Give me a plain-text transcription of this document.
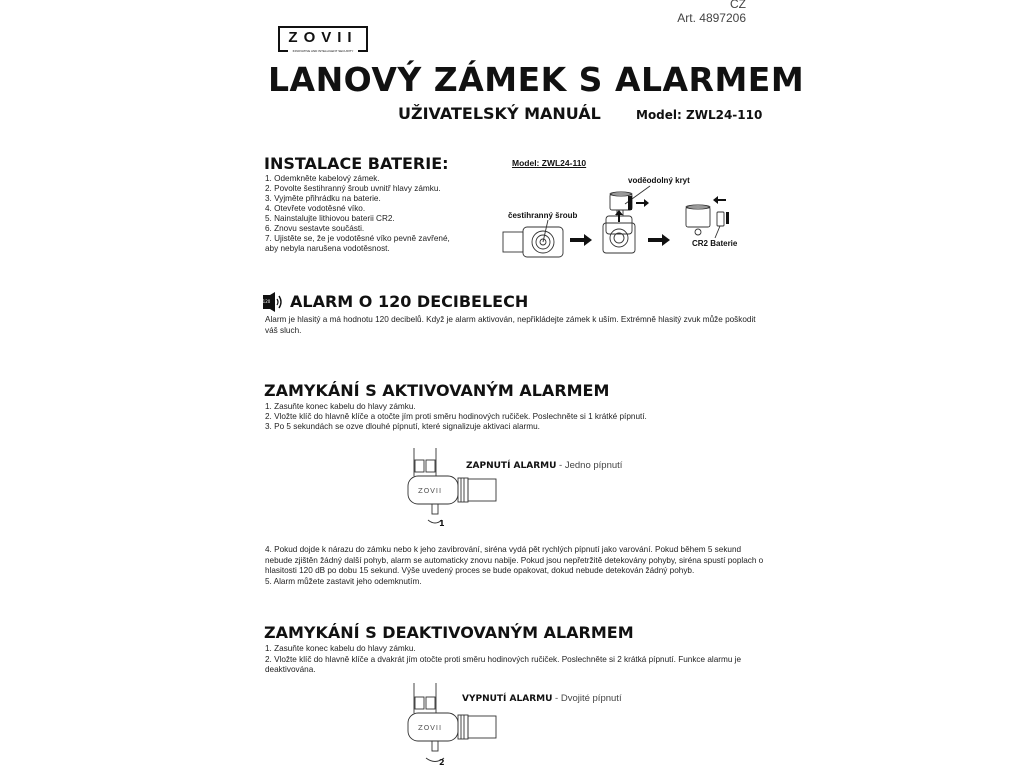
CZ
Art. 4897206
ZOVII
INNOVATIVE AND INTELLIGENT SECURITY
LANOVÝ ZÁMEK S ALARMEM
UŽIVATELSKÝ MANUÁL	Model: ZWL24-110
INSTALACE BATERIE:
1. Odemkněte kabelový zámek.
2. Povolte šestihranný šroub uvnitř hlavy zámku.
3. Vyjměte přihrádku na baterie.
4. Otevřete vodotěsné víko.
5. Nainstalujte lithiovou baterii CR2.
6. Znovu sestavte součásti.
7. Ujistěte se, že je vodotěsné víko pevně zavřené,
aby nebyla narušena vodotěsnost.
Model: ZWL24-110
voděodolný kryt
čestihranný šroub
CR2 Baterie
120 ALARM O 120 DECIBELECH
Alarm je hlasitý a má hodnotu 120 decibelů. Když je alarm aktivován, nepřikládejte zámek k uším. Extrémně hlasitý zvuk může poškodit váš sluch.
ZAMYKÁNÍ S AKTIVOVANÝM ALARMEM
1. Zasuňte konec kabelu do hlavy zámku.
2. Vložte klíč do hlavně klíče a otočte jím proti směru hodinových ručiček. Poslechněte si 1 krátké pípnutí.
3. Po 5 sekundách se ozve dlouhé pípnutí, které signalizuje aktivaci alarmu.
ZOVII
1
ZAPNUTÍ ALARMU - Jedno pípnutí
4. Pokud dojde k nárazu do zámku nebo k jeho zavibrování, siréna vydá pět rychlých pípnutí jako varování. Pokud během 5 sekund nebude zjištěn žádný další pohyb, alarm se automaticky znovu nabije. Pokud jsou nepřetržitě detekovány pohyby, siréna spustí poplach o hlasitosti 120 dB po dobu 15 sekund. Výše uvedený proces se bude opakovat, dokud nebude detekován žádný pohyb.
5. Alarm můžete zastavit jeho odemknutím.
ZAMYKÁNÍ S DEAKTIVOVANÝM ALARMEM
1. Zasuňte konec kabelu do hlavy zámku.
2. Vložte klíč do hlavně klíče a dvakrát jím otočte proti směru hodinových ručiček. Poslechněte si 2 krátká pípnutí. Funkce alarmu je deaktivována.
ZOVII
2
VYPNUTÍ ALARMU - Dvojité pípnutí
